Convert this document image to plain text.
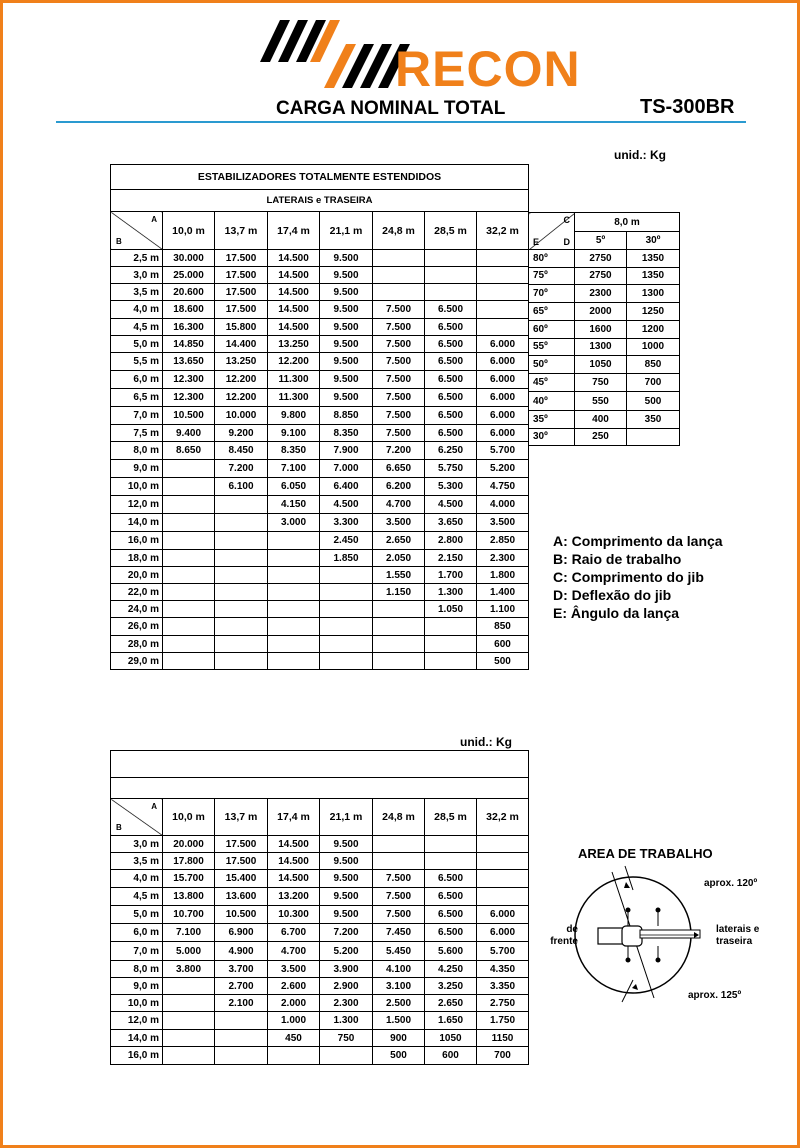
RECON
CARGA NOMINAL TOTAL	TS-300BR
unid.: Kg
ESTABILIZADORES TOTALMENTE ESTENDIDOS							
LATERAIS e TRASEIRA							

A
B	10,0 m	13,7 m	17,4 m	21,1 m	24,8 m	28,5 m	32,2 m
2,5 m	30.000	17.500	14.500	9.500			
3,0 m	25.000	17.500	14.500	9.500			
3,5 m	20.600	17.500	14.500	9.500			
4,0 m	18.600	17.500	14.500	9.500	7.500	6.500	
4,5 m	16.300	15.800	14.500	9.500	7.500	6.500	
5,0 m	14.850	14.400	13.250	9.500	7.500	6.500	6.000
5,5 m	13.650	13.250	12.200	9.500	7.500	6.500	6.000
6,0 m	12.300	12.200	11.300	9.500	7.500	6.500	6.000
6,5 m	12.300	12.200	11.300	9.500	7.500	6.500	6.000
7,0 m	10.500	10.000	9.800	8.850	7.500	6.500	6.000
7,5 m	9.400	9.200	9.100	8.350	7.500	6.500	6.000
8,0 m	8.650	8.450	8.350	7.900	7.200	6.250	5.700
9,0 m		7.200	7.100	7.000	6.650	5.750	5.200
10,0 m		6.100	6.050	6.400	6.200	5.300	4.750
12,0 m			4.150	4.500	4.700	4.500	4.000
14,0 m			3.000	3.300	3.500	3.650	3.500
16,0 m				2.450	2.650	2.800	2.850
18,0 m				1.850	2.050	2.150	2.300
20,0 m					1.550	1.700	1.800
22,0 m					1.150	1.300	1.400
24,0 m						1.050	1.100
26,0 m							850
28,0 m							600
29,0 m							500
C
D
E	8,0 m	
	5º	30º
80º	2750	1350
75º	2750	1350
70º	2300	1300
65º	2000	1250
60º	1600	1200
55º	1300	1000
50º	1050	850
45º	750	700
40º	550	500
35º	400	350
30º	250	
A: Comprimento da lança
B: Raio de trabalho
C: Comprimento do jib
D: Deflexão do jib
E: Ângulo da lança
unid.: Kg

A
B	10,0 m	13,7 m	17,4 m	21,1 m	24,8 m	28,5 m	32,2 m
3,0 m	20.000	17.500	14.500	9.500			
3,5 m	17.800	17.500	14.500	9.500			
4,0 m	15.700	15.400	14.500	9.500	7.500	6.500	
4,5 m	13.800	13.600	13.200	9.500	7.500	6.500	
5,0 m	10.700	10.500	10.300	9.500	7.500	6.500	6.000
6,0 m	7.100	6.900	6.700	7.200	7.450	6.500	6.000
7,0 m	5.000	4.900	4.700	5.200	5.450	5.600	5.700
8,0 m	3.800	3.700	3.500	3.900	4.100	4.250	4.350
9,0 m		2.700	2.600	2.900	3.100	3.250	3.350
10,0 m		2.100	2.000	2.300	2.500	2.650	2.750
12,0 m			1.000	1.300	1.500	1.650	1.750
14,0 m			450	750	900	1050	1150
16,0 m					500	600	700
AREA DE TRABALHO
aprox. 120º
aprox. 125º
de
frente
laterais e
traseira
